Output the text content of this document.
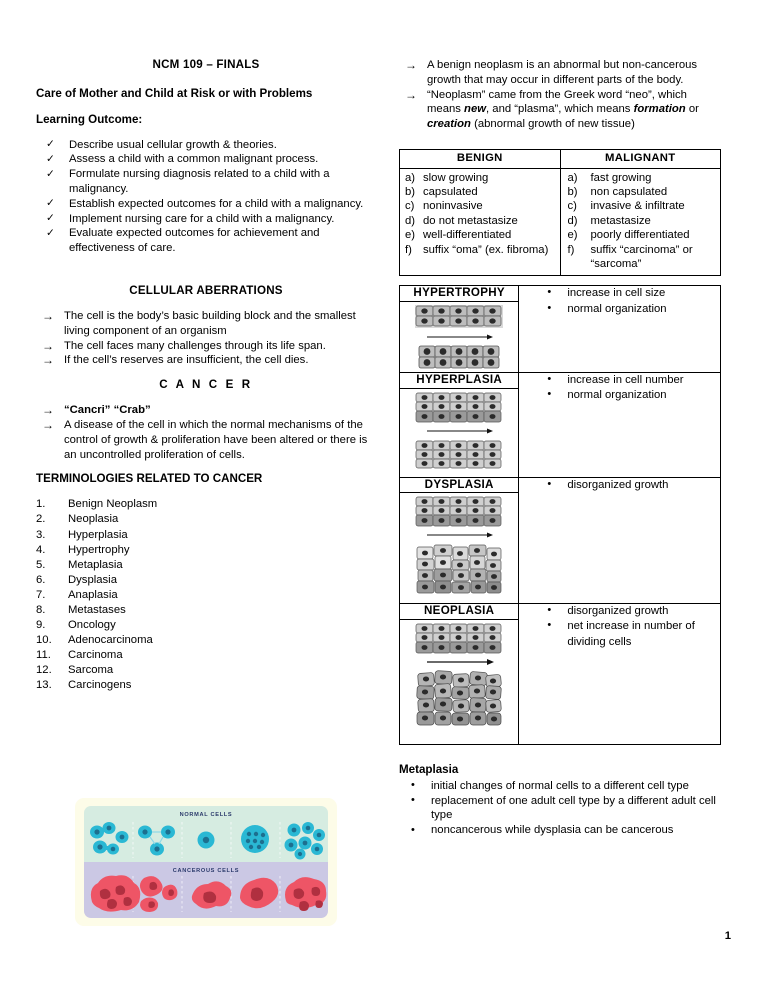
NCM 109 – FINALS
Care of Mother and Child at Risk or with Problems
Learning Outcome:
✓ Describe usual cellular growth & theories.
✓ Assess a child with a common malignant process.
✓ Formulate nursing diagnosis related to a child with a malignancy.
✓ Establish expected outcomes for a child with a malignancy.
✓ Implement nursing care for a child with a malignancy.
✓ Evaluate expected outcomes for achievement and effectiveness of care.
CELLULAR ABERRATIONS
→ The cell is the body’s basic building block and the smallest living component of an organism
→ The cell faces many challenges through its life span.
→ If the cell’s reserves are insufficient, the cell dies.
C A N C E R
→ “Cancri” “Crab”
→ A disease of the cell in which the normal mechanisms of the control of growth & proliferation have been altered or there is an uncontrolled proliferation of cells.
TERMINOLOGIES RELATED TO CANCER
1.	Benign Neoplasm
2.	Neoplasia
3.	Hyperplasia
4.	Hypertrophy
5.	Metaplasia
6.	Dysplasia
7.	Anaplasia
8.	Metastases
9.	Oncology
10.	Adenocarcinoma
11.	Carcinoma
12.	Sarcoma
13.	Carcinogens
→ A benign neoplasm is an abnormal but non-cancerous growth that may occur in different parts of the body.
→ “Neoplasm” came from the Greek word “neo”, which means new, and “plasma”, which means formation or creation (abnormal growth of new tissue)
BENIGN	MALIGNANT

a) slow growing
b) capsulated
c) noninvasive
d) do not metastasize
e) well-differentiated
f) suffix “oma” (ex. fibroma)

a) fast growing
b) non capsulated
c) invasive & infiltrate
d) metastasize
e) poorly differentiated
f) suffix “carcinoma” or “sarcoma”
HYPERTROPHY	• increase in cell size
• normal organization

HYPERPLASIA	• increase in cell number
• normal organization

DYSPLASIA	• disorganized growth

NEOPLASIA	• disorganized growth
• net increase in number of dividing cells

Metaplasia
• initial changes of normal cells to a different cell type
• replacement of one adult cell type by a different adult cell type
• noncancerous while dysplasia can be cancerous
NORMAL CELLS
CANCEROUS CELLS
1
